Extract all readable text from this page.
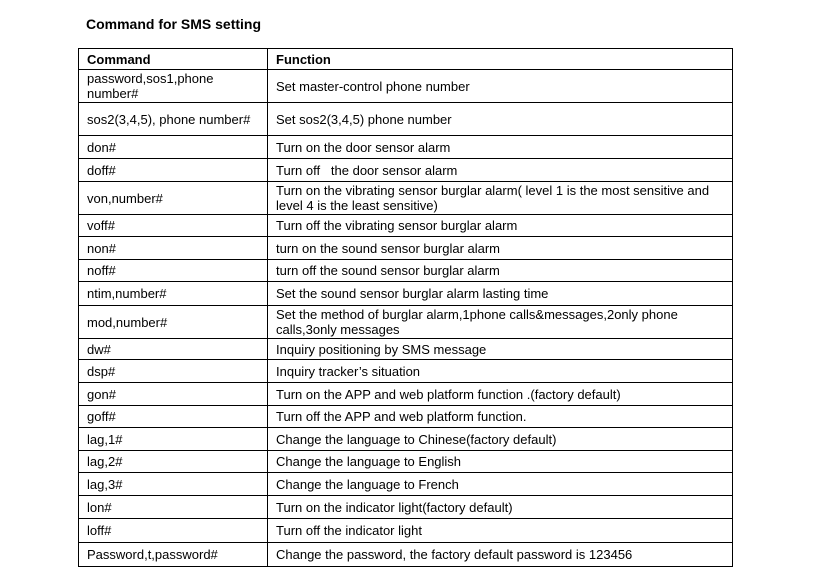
Command for SMS setting
Command	Function
password,sos1,phone number#	Set master-control phone number
sos2(3,4,5), phone number#	Set sos2(3,4,5) phone number
don#	Turn on the door sensor alarm
doff#	Turn off   the door sensor alarm
von,number#	Turn on the vibrating sensor burglar alarm( level 1 is the most sensitive and level 4 is the least sensitive)
voff#	Turn off the vibrating sensor burglar alarm
non#	turn on the sound sensor burglar alarm
noff#	turn off the sound sensor burglar alarm
ntim,number#	Set the sound sensor burglar alarm lasting time
mod,number#	Set the method of burglar alarm,1phone calls&messages,2only phone calls,3only messages
dw#	Inquiry positioning by SMS message
dsp#	Inquiry tracker’s situation
gon#	Turn on the APP and web platform function .(factory default)
goff#	Turn off the APP and web platform function.
lag,1#	Change the language to Chinese(factory default)
lag,2#	Change the language to English
lag,3#	Change the language to French
lon#	Turn on the indicator light(factory default)
loff#	Turn off the indicator light
Password,t,password#	Change the password, the factory default password is 123456
